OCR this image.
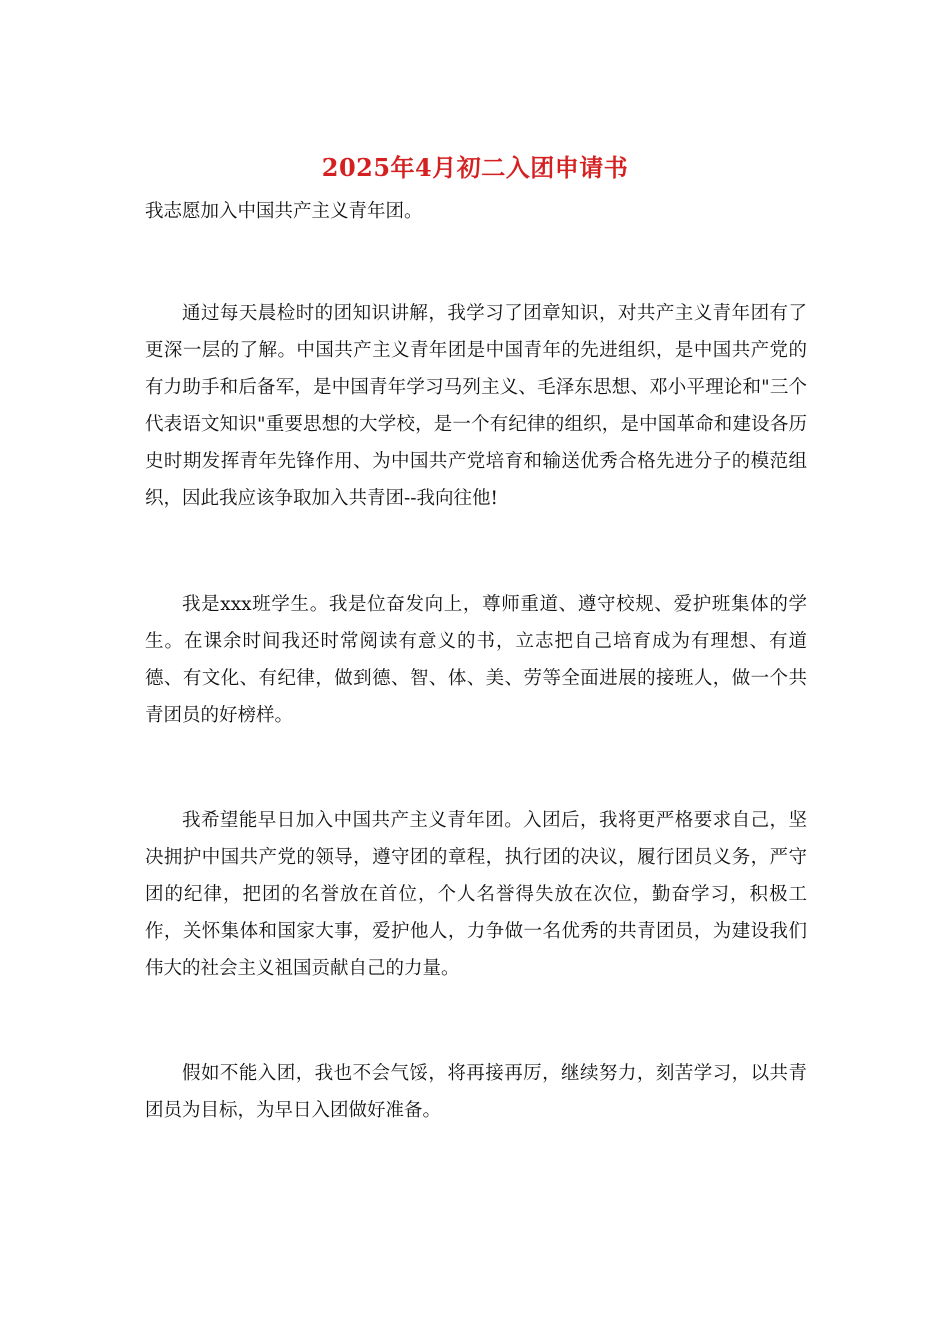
2025年4月初二入团申请书

我志愿加入中国共产主义青年团。

通过每天晨检时的团知识讲解，我学习了团章知识，对共产主义青年团有了更深一层的了解。中国共产主义青年团是中国青年的先进组织，是中国共产党的有力助手和后备军，是中国青年学习马列主义、毛泽东思想、邓小平理论和"三个代表语文知识"重要思想的大学校，是一个有纪律的组织，是中国革命和建设各历史时期发挥青年先锋作用、为中国共产党培育和输送优秀合格先进分子的模范组织，因此我应该争取加入共青团--我向往他!

我是xxx班学生。我是位奋发向上，尊师重道、遵守校规、爱护班集体的学生。在课余时间我还时常阅读有意义的书，立志把自己培育成为有理想、有道德、有文化、有纪律，做到德、智、体、美、劳等全面进展的接班人，做一个共青团员的好榜样。

我希望能早日加入中国共产主义青年团。入团后，我将更严格要求自己，坚决拥护中国共产党的领导，遵守团的章程，执行团的决议，履行团员义务，严守团的纪律，把团的名誉放在首位，个人名誉得失放在次位，勤奋学习，积极工作，关怀集体和国家大事，爱护他人，力争做一名优秀的共青团员，为建设我们伟大的社会主义祖国贡献自己的力量。

假如不能入团，我也不会气馁，将再接再厉，继续努力，刻苦学习，以共青团员为目标，为早日入团做好准备。
